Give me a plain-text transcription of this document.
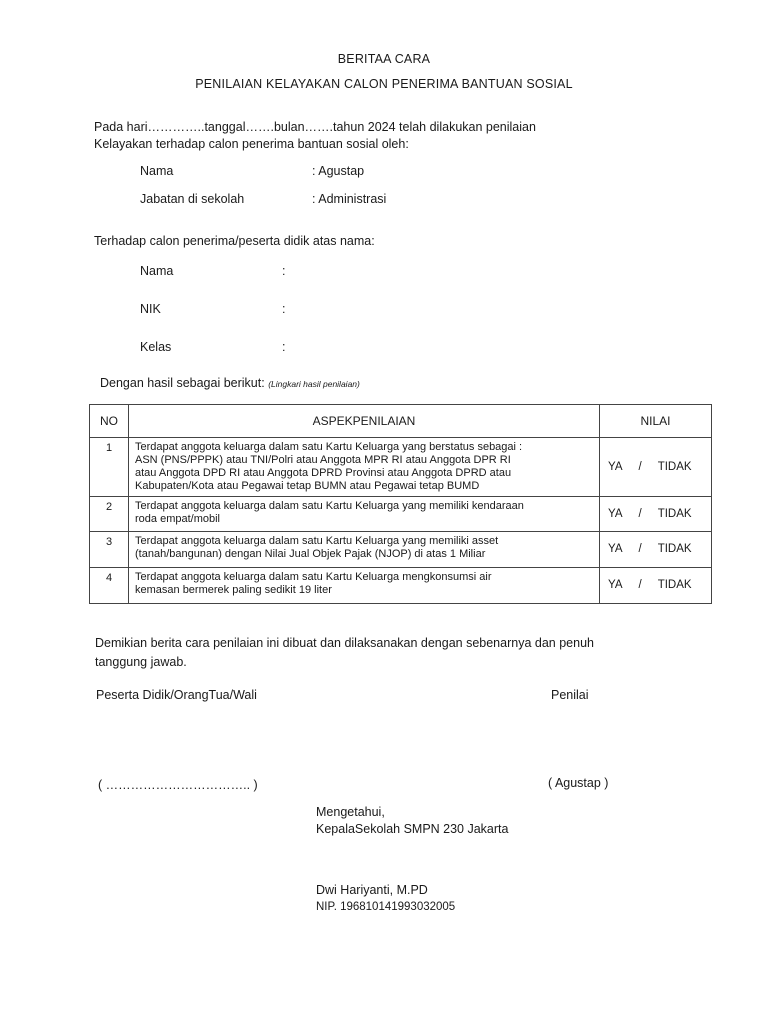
BERITAA CARA
PENILAIAN KELAYAKAN CALON PENERIMA BANTUAN SOSIAL
Pada hari…………..tanggal…….bulan…….tahun 2024 telah dilakukan penilaian
Kelayakan terhadap calon penerima bantuan sosial oleh:
Nama	: Agustap
Jabatan di sekolah	: Administrasi
Terhadap calon penerima/peserta didik atas nama:
Nama	:
NIK	:
Kelas	:
Dengan hasil sebagai berikut: (Lingkari hasil penilaian)
NO	ASPEKPENILAIAN	NILAI
1	Terdapat anggota keluarga dalam satu Kartu Keluarga yang berstatus sebagai :
ASN (PNS/PPPK) atau TNI/Polri atau Anggota MPR RI atau Anggota DPR RI
atau Anggota DPD RI atau Anggota DPRD Provinsi atau Anggota DPRD atau
Kabupaten/Kota atau Pegawai tetap BUMN atau Pegawai tetap BUMD	YA / TIDAK
2	Terdapat anggota keluarga dalam satu Kartu Keluarga yang memiliki kendaraan
roda empat/mobil	YA / TIDAK
3	Terdapat anggota keluarga dalam satu Kartu Keluarga yang memiliki asset
(tanah/bangunan) dengan Nilai Jual Objek Pajak (NJOP) di atas 1 Miliar	YA / TIDAK
4	Terdapat anggota keluarga dalam satu Kartu Keluarga mengkonsumsi air
kemasan bermerek paling sedikit 19 liter	YA / TIDAK
Demikian berita cara penilaian ini dibuat dan dilaksanakan dengan sebenarnya dan penuh
tanggung jawab.
Peserta Didik/OrangTua/Wali	Penilai
( …………………………….. )	( Agustap )
Mengetahui,
KepalaSekolah SMPN 230 Jakarta
Dwi Hariyanti, M.PD
NIP. 196810141993032005
